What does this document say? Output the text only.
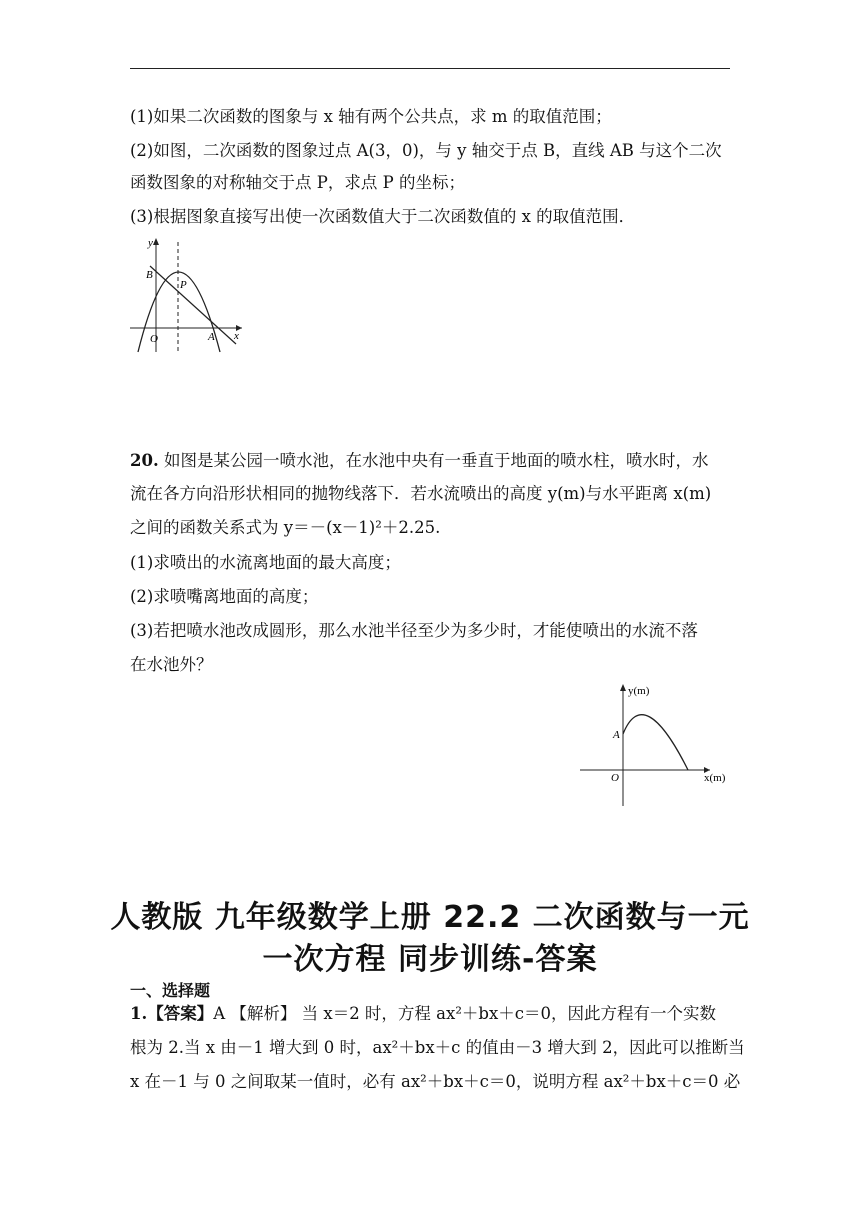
(1)如果二次函数的图象与 x 轴有两个公共点，求 m 的取值范围；
(2)如图，二次函数的图象过点 A(3，0)，与 y 轴交于点 B，直线 AB 与这个二次
函数图象的对称轴交于点 P，求点 P 的坐标；
(3)根据图象直接写出使一次函数值大于二次函数值的 x 的取值范围．
y
x
B
P
O	A
20. 如图是某公园一喷水池，在水池中央有一垂直于地面的喷水柱，喷水时，水
流在各方向沿形状相同的抛物线落下．若水流喷出的高度 y(m)与水平距离 x(m)
之间的函数关系式为 y＝－(x－1)²＋2.25.
(1)求喷出的水流离地面的最大高度；
(2)求喷嘴离地面的高度；
(3)若把喷水池改成圆形，那么水池半径至少为多少时，才能使喷出的水流不落
在水池外？
y(m)
x(m)
A
O
人教版 九年级数学上册 22.2 二次函数与一元
一次方程 同步训练-答案
一、选择题
1.【答案】A 【解析】 当 x＝2 时，方程 ax²＋bx＋c＝0，因此方程有一个实数
根为 2.当 x 由－1 增大到 0 时，ax²＋bx＋c 的值由－3 增大到 2，因此可以推断当
x 在－1 与 0 之间取某一值时，必有 ax²＋bx＋c＝0，说明方程 ax²＋bx＋c＝0 必
